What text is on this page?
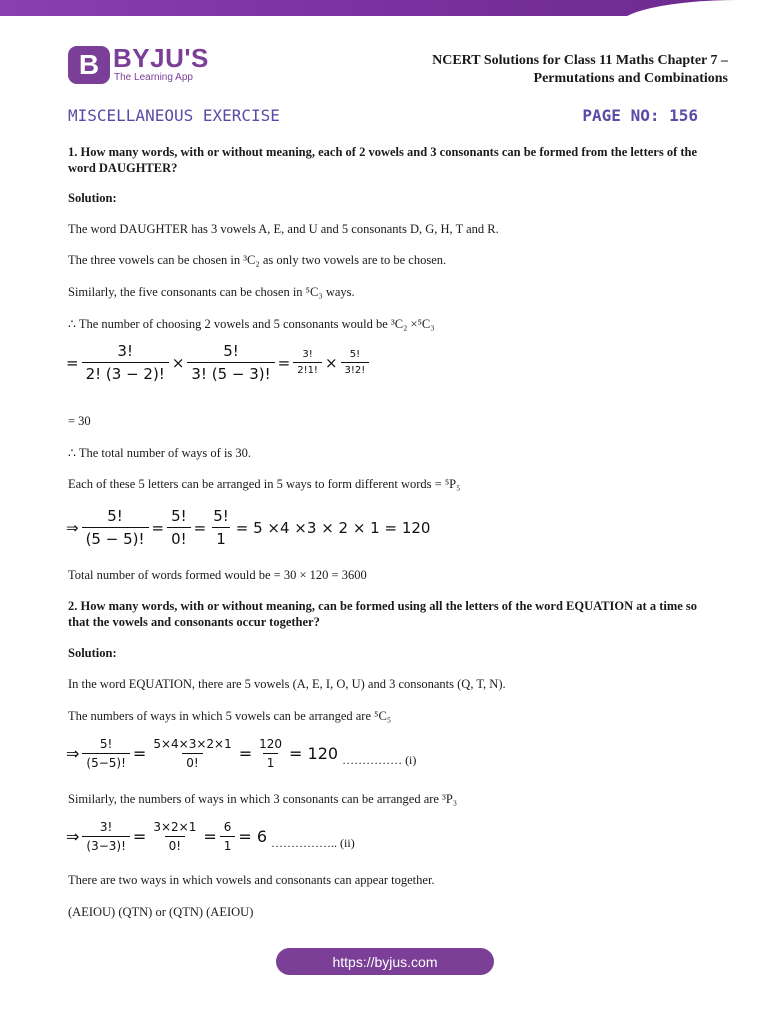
B BYJU'S
The Learning App
NCERT Solutions for Class 11 Maths Chapter 7 –
Permutations and Combinations
MISCELLANEOUS EXERCISE	PAGE NO: 156
1. How many words, with or without meaning, each of 2 vowels and 3 consonants can be formed from the letters of the word DAUGHTER?
Solution:
The word DAUGHTER has 3 vowels A, E, and U and 5 consonants D, G, H, T and R.
The three vowels can be chosen in ³C₂ as only two vowels are to be chosen.
Similarly, the five consonants can be chosen in ⁵C₃ ways.
∴ The number of choosing 2 vowels and 5 consonants would be ³C₂ ×⁵C₃
= $\frac{3!}{2! (3 - 2)!} \times \frac{5!}{3! (5 - 3)!} = \frac{3!}{2!1!} \times \frac{5!}{3!2!}$
= 30
∴ The total number of ways of is 30.
Each of these 5 letters can be arranged in 5 ways to form different words = ⁵P₅
⇒ $\frac{5!}{(5 - 5)!} = \frac{5!}{0!} = \frac{5!}{1} = 5 \times 4 \times 3 \times 2 \times 1 = 120$
Total number of words formed would be = 30 × 120 = 3600
2. How many words, with or without meaning, can be formed using all the letters of the word EQUATION at a time so that the vowels and consonants occur together?
Solution:
In the word EQUATION, there are 5 vowels (A, E, I, O, U) and 3 consonants (Q, T, N).
The numbers of ways in which 5 vowels can be arranged are ⁵C₅
⇒ $\frac{5!}{(5-5)!} = \frac{5\times 4\times 3\times 2\times 1}{0!} = \frac{120}{1} = 120$ …………… (i)
Similarly, the numbers of ways in which 3 consonants can be arranged are ³P₃
⇒ $\frac{3!}{(3-3)!} = \frac{3\times 2\times 1}{0!} = \frac{6}{1} = 6$ …………….. (ii)
There are two ways in which vowels and consonants can appear together.
(AEIOU) (QTN) or (QTN) (AEIOU)
https://byjus.com
